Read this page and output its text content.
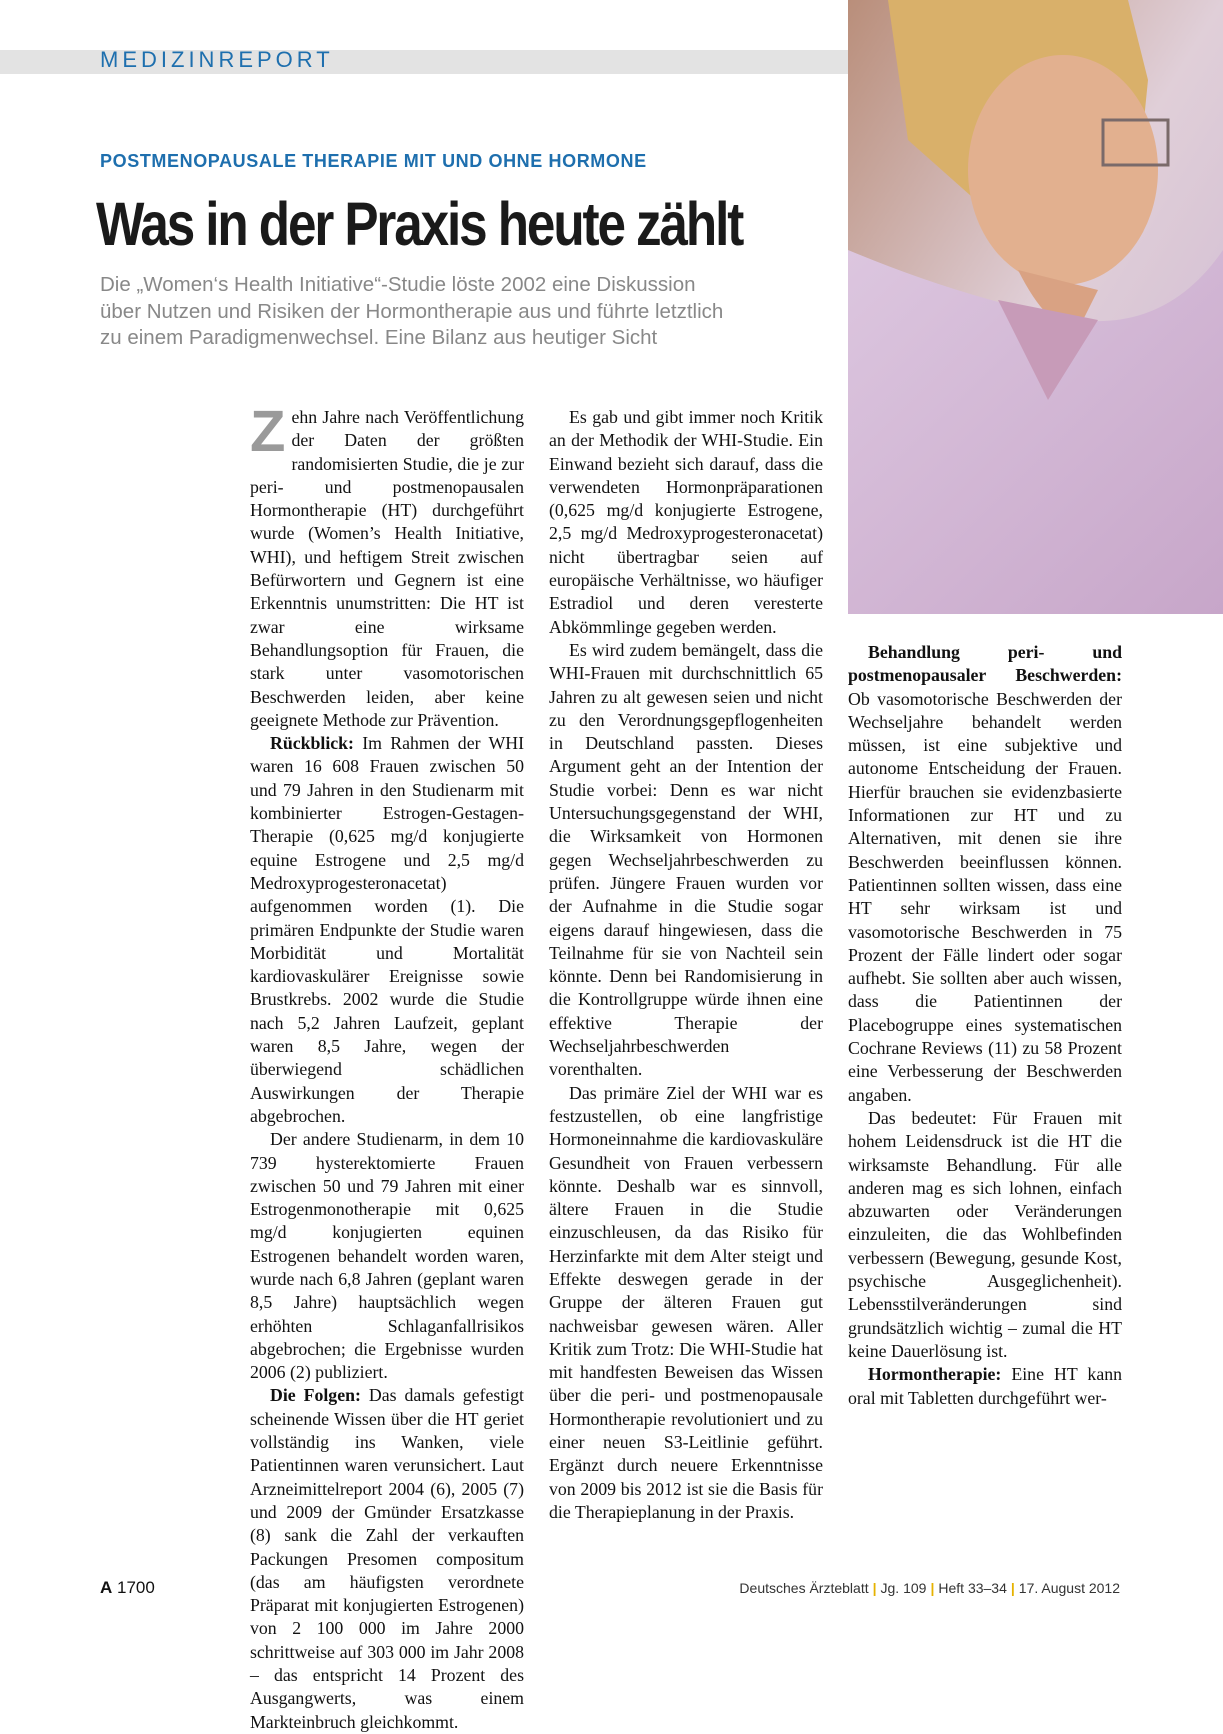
MEDIZINREPORT
POSTMENOPAUSALE THERAPIE MIT UND OHNE HORMONE
Was in der Praxis heute zählt
Die „Women‘s Health Initiative“-Studie löste 2002 eine Diskussion
über Nutzen und Risiken der Hormontherapie aus und führte letztlich
zu einem Paradigmenwechsel. Eine Bilanz aus heutiger Sicht

Zehn Jahre nach Veröffentlichung der Daten der größten randomisierten Studie, die je zur peri- und postmenopausalen Hormontherapie (HT) durchgeführt wurde (Women’s Health Initiative, WHI), und heftigem Streit zwischen Befürwortern und Gegnern ist eine Erkenntnis unumstritten: Die HT ist zwar eine wirksame Behandlungsoption für Frauen, die stark unter vasomotorischen Beschwerden leiden, aber keine geeignete Methode zur Prävention.

Rückblick: Im Rahmen der WHI waren 16 608 Frauen zwischen 50 und 79 Jahren in den Studienarm mit kombinierter Estrogen-Gestagen-Therapie (0,625 mg/d konjugierte equine Estrogene und 2,5 mg/d Medroxyprogesteronacetat) aufgenommen worden (1). Die primären Endpunkte der Studie waren Morbidität und Mortalität kardiovaskulärer Ereignisse sowie Brustkrebs. 2002 wurde die Studie nach 5,2 Jahren Laufzeit, geplant waren 8,5 Jahre, wegen der überwiegend schädlichen Auswirkungen der Therapie abgebrochen.

Der andere Studienarm, in dem 10 739 hysterektomierte Frauen zwischen 50 und 79 Jahren mit einer Estrogenmonotherapie mit 0,625 mg/d konjugierten equinen Estrogenen behandelt worden waren, wurde nach 6,8 Jahren (geplant waren 8,5 Jahre) hauptsächlich wegen erhöhten Schlaganfallrisikos abgebrochen; die Ergebnisse wurden 2006 (2) publiziert.

Die Folgen: Das damals gefestigt scheinende Wissen über die HT geriet vollständig ins Wanken, viele Patientinnen waren verunsichert. Laut Arzneimittelreport 2004 (6), 2005 (7) und 2009 der Gmünder Ersatzkasse (8) sank die Zahl der verkauften Packungen Presomen compositum (das am häufigsten verordnete Präparat mit konjugierten Estrogenen) von 2 100 000 im Jahre 2000 schrittweise auf 303 000 im Jahr 2008 – das entspricht 14 Prozent des Ausgangwerts, was einem Markteinbruch gleichkommt.

Es gab und gibt immer noch Kritik an der Methodik der WHI-Studie. Ein Einwand bezieht sich darauf, dass die verwendeten Hormonpräparationen (0,625 mg/d konjugierte Estrogene, 2,5 mg/d Medroxyprogesteronacetat) nicht übertragbar seien auf europäische Verhältnisse, wo häufiger Estradiol und deren veresterte Abkömmlinge gegeben werden.

Es wird zudem bemängelt, dass die WHI-Frauen mit durchschnittlich 65 Jahren zu alt gewesen seien und nicht zu den Verordnungsgepflogenheiten in Deutschland passten. Dieses Argument geht an der Intention der Studie vorbei: Denn es war nicht Untersuchungsgegenstand der WHI, die Wirksamkeit von Hormonen gegen Wechseljahrbeschwerden zu prüfen. Jüngere Frauen wurden vor der Aufnahme in die Studie sogar eigens darauf hingewiesen, dass die Teilnahme für sie von Nachteil sein könnte. Denn bei Randomisierung in die Kontrollgruppe würde ihnen eine effektive Therapie der Wechseljahrbeschwerden vorenthalten.

Das primäre Ziel der WHI war es festzustellen, ob eine langfristige Hormoneinnahme die kardiovaskuläre Gesundheit von Frauen verbessern könnte. Deshalb war es sinnvoll, ältere Frauen in die Studie einzuschleusen, da das Risiko für Herzinfarkte mit dem Alter steigt und Effekte deswegen gerade in der Gruppe der älteren Frauen gut nachweisbar gewesen wären. Aller Kritik zum Trotz: Die WHI-Studie hat mit handfesten Beweisen das Wissen über die peri- und postmenopausale Hormontherapie revolutioniert und zu einer neuen S3-Leitlinie geführt. Ergänzt durch neuere Erkenntnisse von 2009 bis 2012 ist sie die Basis für die Therapieplanung in der Praxis.

Behandlung peri- und postmenopausaler Beschwerden: Ob vasomotorische Beschwerden der Wechseljahre behandelt werden müssen, ist eine subjektive und autonome Entscheidung der Frauen. Hierfür brauchen sie evidenzbasierte Informationen zur HT und zu Alternativen, mit denen sie ihre Beschwerden beeinflussen können. Patientinnen sollten wissen, dass eine HT sehr wirksam ist und vasomotorische Beschwerden in 75 Prozent der Fälle lindert oder sogar aufhebt. Sie sollten aber auch wissen, dass die Patientinnen der Placebogruppe eines systematischen Cochrane Reviews (11) zu 58 Prozent eine Verbesserung der Beschwerden angaben.

Das bedeutet: Für Frauen mit hohem Leidensdruck ist die HT die wirksamste Behandlung. Für alle anderen mag es sich lohnen, einfach abzuwarten oder Veränderungen einzuleiten, die das Wohlbefinden verbessern (Bewegung, gesunde Kost, psychische Ausgeglichenheit). Lebensstilveränderungen sind grundsätzlich wichtig – zumal die HT keine Dauerlösung ist.

Hormontherapie: Eine HT kann oral mit Tabletten durchgeführt wer-

A 1700	Deutsches Ärzteblatt | Jg. 109 | Heft 33–34 | 17. August 2012
